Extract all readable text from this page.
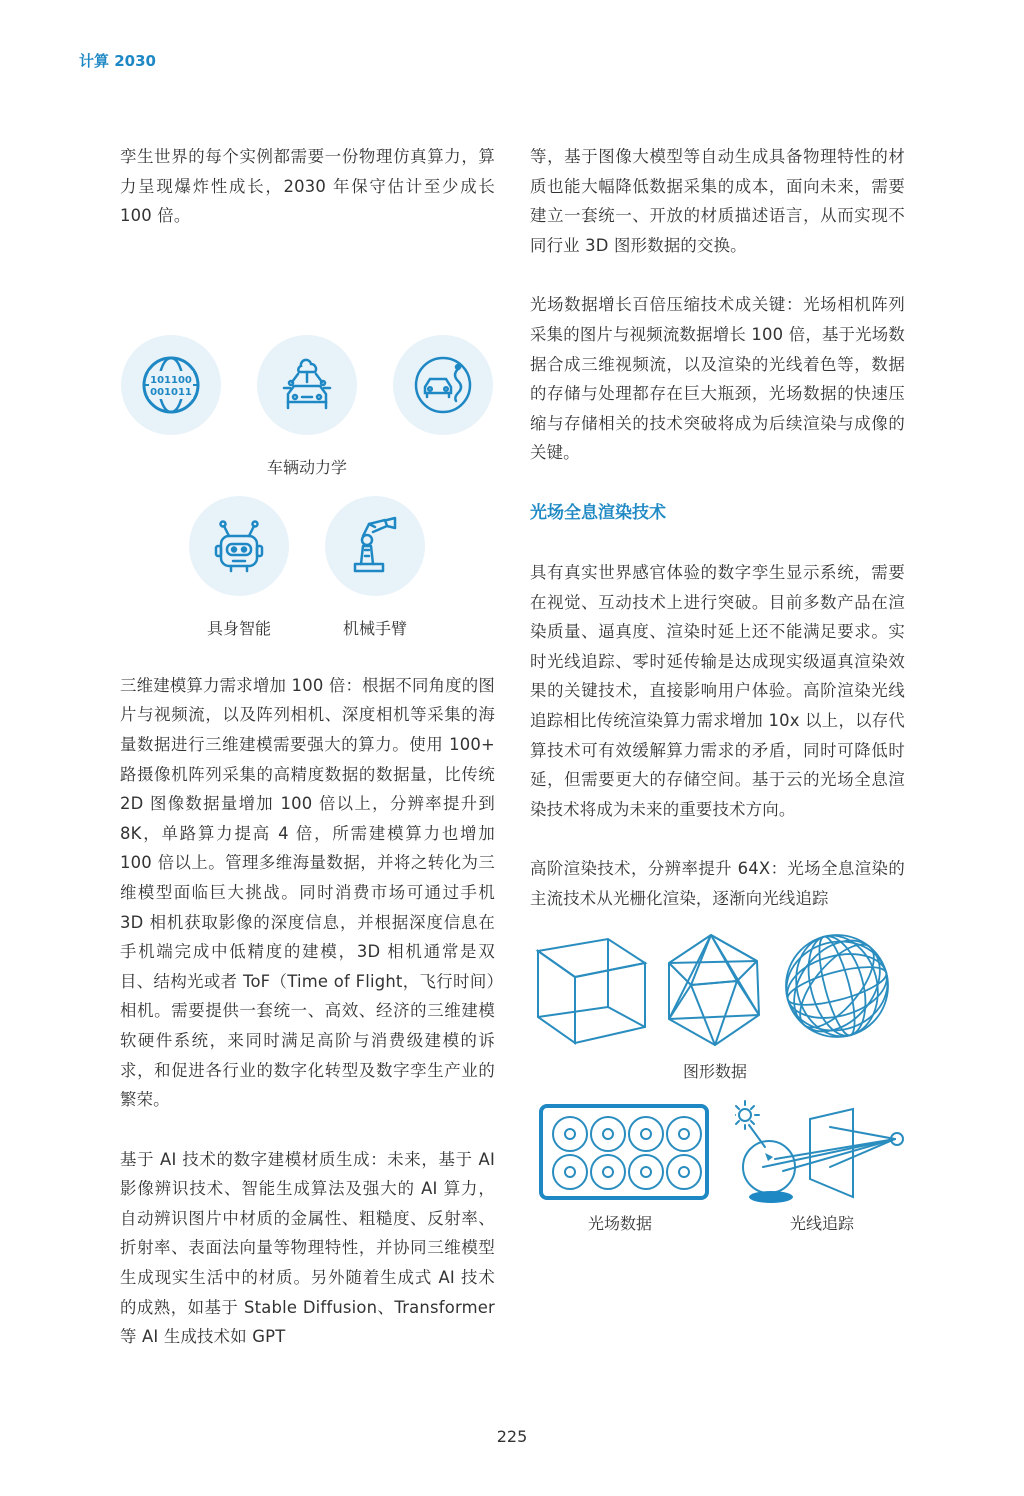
计算 2030

孪生世界的每个实例都需要一份物理仿真算力，算力呈现爆炸性成长，2030 年保守估计至少成长 100 倍。

101100
001011
车辆动力学
具身智能	机械手臂

三维建模算力需求增加 100 倍：根据不同角度的图片与视频流，以及阵列相机、深度相机等采集的海量数据进行三维建模需要强大的算力。使用 100+ 路摄像机阵列采集的高精度数据的数据量，比传统 2D 图像数据量增加 100 倍以上，分辨率提升到 8K，单路算力提高 4 倍，所需建模算力也增加 100 倍以上。管理多维海量数据，并将之转化为三维模型面临巨大挑战。同时消费市场可通过手机 3D 相机获取影像的深度信息，并根据深度信息在手机端完成中低精度的建模，3D 相机通常是双目、结构光或者 ToF（Time of Flight，飞行时间）相机。需要提供一套统一、高效、经济的三维建模软硬件系统，来同时满足高阶与消费级建模的诉求，和促进各行业的数字化转型及数字孪生产业的繁荣。

基于 AI 技术的数字建模材质生成：未来，基于 AI 影像辨识技术、智能生成算法及强大的 AI 算力，自动辨识图片中材质的金属性、粗糙度、反射率、折射率、表面法向量等物理特性，并协同三维模型生成现实生活中的材质。另外随着生成式 AI 技术的成熟，如基于 Stable Diffusion、Transformer 等 AI 生成技术如 GPT

等，基于图像大模型等自动生成具备物理特性的材质也能大幅降低数据采集的成本，面向未来，需要建立一套统一、开放的材质描述语言，从而实现不同行业 3D 图形数据的交换。

光场数据增长百倍压缩技术成关键：光场相机阵列采集的图片与视频流数据增长 100 倍，基于光场数据合成三维视频流，以及渲染的光线着色等，数据的存储与处理都存在巨大瓶颈，光场数据的快速压缩与存储相关的技术突破将成为后续渲染与成像的关键。

光场全息渲染技术

具有真实世界感官体验的数字孪生显示系统，需要在视觉、互动技术上进行突破。目前多数产品在渲染质量、逼真度、渲染时延上还不能满足要求。实时光线追踪、零时延传输是达成现实级逼真渲染效果的关键技术，直接影响用户体验。高阶渲染光线追踪相比传统渲染算力需求增加 10x 以上，以存代算技术可有效缓解算力需求的矛盾，同时可降低时延，但需要更大的存储空间。基于云的光场全息渲染技术将成为未来的重要技术方向。

高阶渲染技术，分辨率提升 64X：光场全息渲染的主流技术从光栅化渲染，逐渐向光线追踪

图形数据
光场数据	光线追踪
225
